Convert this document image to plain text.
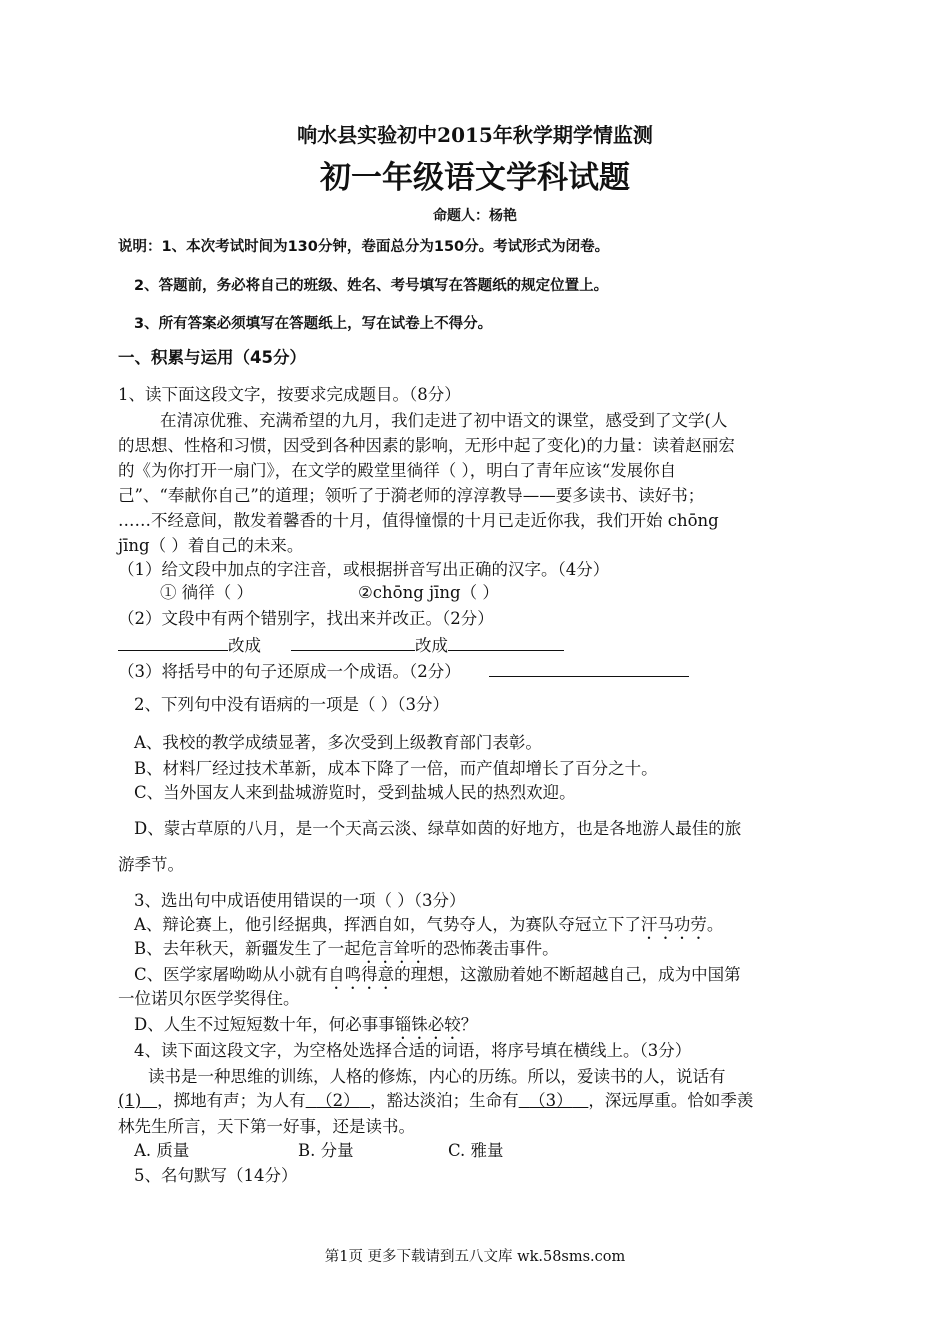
响水县实验初中2015年秋学期学情监测
初一年级语文学科试题
命题人：杨艳
说明：1、本次考试时间为130分钟，卷面总分为150分。考试形式为闭卷。
2、答题前，务必将自己的班级、姓名、考号填写在答题纸的规定位置上。
3、所有答案必须填写在答题纸上，写在试卷上不得分。
一、积累与运用（45分）
1、读下面这段文字，按要求完成题目。（8分）
在清凉优雅、充满希望的九月，我们走进了初中语文的课堂，感受到了文学(人
的思想、性格和习惯，因受到各种因素的影响，无形中起了变化)的力量：读着赵丽宏
的《为你打开一扇门》，在文学的殿堂里徜徉（ ），明白了青年应该“发展你自
己”、“奉献你自己”的道理；领听了于漪老师的淳淳教导——要多读书、读好书；
……不经意间，散发着馨香的十月，值得憧憬的十月已走近你我，我们开始 chōng
jīng（ ）着自己的未来。
（1）给文段中加点的字注音，或根据拼音写出正确的汉字。（4分）
① 徜徉（ ）	②chōng jīng（ ）
（2）文段中有两个错别字，找出来并改正。（2分）
改成	改成
（3）将括号中的句子还原成一个成语。（2分）
2、下列句中没有语病的一项是（ ）（3分）
A、我校的教学成绩显著，多次受到上级教育部门表彰。
B、材料厂经过技术革新，成本下降了一倍，而产值却增长了百分之十。
C、当外国友人来到盐城游览时，受到盐城人民的热烈欢迎。
D、蒙古草原的八月，是一个天高云淡、绿草如茵的好地方，也是各地游人最佳的旅
游季节。
3、选出句中成语使用错误的一项（ ）（3分）
A、辩论赛上，他引经据典，挥洒自如，气势夺人，为赛队夺冠立下了汗马功劳。
B、去年秋天，新疆发生了一起危言耸听的恐怖袭击事件。
C、医学家屠呦呦从小就有自鸣得意的理想，这激励着她不断超越自己，成为中国第
一位诺贝尔医学奖得住。
D、人生不过短短数十年，何必事事锱铢必较？
4、读下面这段文字，为空格处选择合适的词语，将序号填在横线上。（3分）
读书是一种思维的训练，人格的修炼，内心的历练。所以，爱读书的人，说话有
(1) ，掷地有声；为人有 （2） ，豁达淡泊；生命有 （3） ，深远厚重。恰如季羡
林先生所言，天下第一好事，还是读书。
A. 质量	B. 分量	C. 雅量
5、名句默写（14分）
第1页 更多下载请到五八文库 wk.58sms.com
